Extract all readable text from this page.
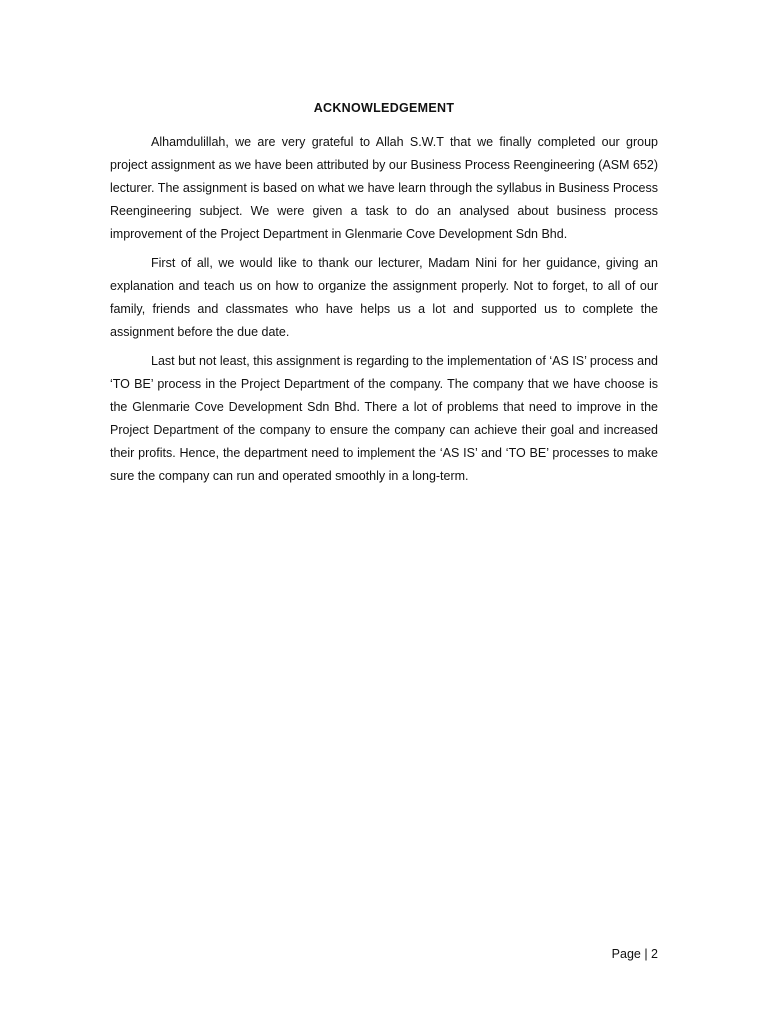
ACKNOWLEDGEMENT

Alhamdulillah, we are very grateful to Allah S.W.T that we finally completed our group project assignment as we have been attributed by our Business Process Reengineering (ASM 652) lecturer. The assignment is based on what we have learn through the syllabus in Business Process Reengineering subject. We were given a task to do an analysed about business process improvement of the Project Department in Glenmarie Cove Development Sdn Bhd.

First of all, we would like to thank our lecturer, Madam Nini for her guidance, giving an explanation and teach us on how to organize the assignment properly. Not to forget, to all of our family, friends and classmates who have helps us a lot and supported us to complete the assignment before the due date.

Last but not least, this assignment is regarding to the implementation of ‘AS IS’ process and ‘TO BE’ process in the Project Department of the company. The company that we have choose is the Glenmarie Cove Development Sdn Bhd. There a lot of problems that need to improve in the Project Department of the company to ensure the company can achieve their goal and increased their profits. Hence, the department need to implement the ‘AS IS’ and ‘TO BE’ processes to make sure the company can run and operated smoothly in a long-term.

Page | 2
